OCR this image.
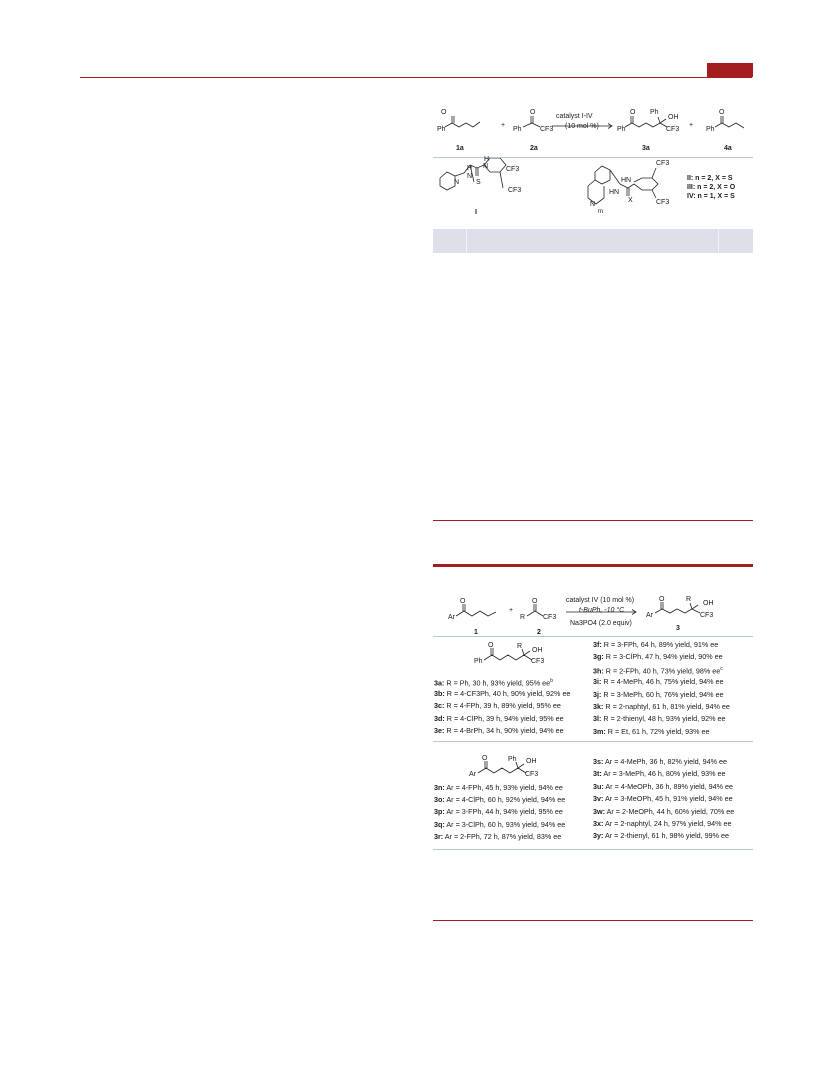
O
Ph
1a
+
O
Ph	CF3
2a
catalyst I-IV
(10 mol %)
O
Ph
Ph
OH
CF3
3a
+
O
Ph
4a
N
N
H
H
S
N
CF3
CF3
I
HN
HN
X
N
m
CF3
CF3
II: n = 2, X = S
III: n = 2, X = O
IV: n = 1, X = S
O
Ar
1
+
O
R	CF3
2
catalyst IV (10 mol %)
t-BuPh, -10 °C
Na3PO4 (2.0 equiv)
O
Ar
R
OH
CF3
3
O
Ph
R
OH
CF3
3a: R = Ph, 30 h, 93% yield, 95% $ee^b$
3b: R = 4-CF3Ph, 40 h, 90% yield, 92% ee
3c: R = 4-FPh, 39 h, 89% yield, 95% ee
3d: R = 4-ClPh, 39 h, 94% yield, 95% ee
3e: R = 4-BrPh, 34 h, 90% yield, 94% ee
3f: R = 3-FPh, 64 h, 89% yield, 91% ee
3g: R = 3-ClPh, 47 h, 94% yield, 90% ee
3h: R = 2-FPh, 40 h, 73% yield, 98% $ee^c$
3i: R = 4-MePh, 46 h, 75% yield, 94% ee
3j: R = 3-MePh, 60 h, 76% yield, 94% ee
3k: R = 2-naphtyl, 61 h, 81% yield, 94% ee
3l: R = 2-thienyl, 48 h, 93% yield, 92% ee
3m: R = Et, 61 h, 72% yield, 93% ee
O
Ar
Ph OH
CF3
3n: Ar = 4-FPh, 45 h, 93% yield, 94% ee
3o: Ar = 4-ClPh, 60 h, 92% yield, 94% ee
3p: Ar = 3-FPh, 44 h, 94% yield, 95% ee
3q: Ar = 3-ClPh, 60 h, 93% yield, 94% ee
3r: Ar = 2-FPh, 72 h, 87% yield, 83% ee
3s: Ar = 4-MePh, 36 h, 82% yield, 94% ee
3t: Ar = 3-MePh, 46 h, 80% yield, 93% ee
3u: Ar = 4-MeOPh, 36 h, 89% yield, 94% ee
3v: Ar = 3-MeOPh, 45 h, 91% yield, 94% ee
3w: Ar = 2-MeOPh, 44 h, 60% yield, 70% ee
3x: Ar = 2-naphtyl, 24 h, 97% yield, 94% ee
3y: Ar = 2-thienyl, 61 h, 98% yield, 99% ee
